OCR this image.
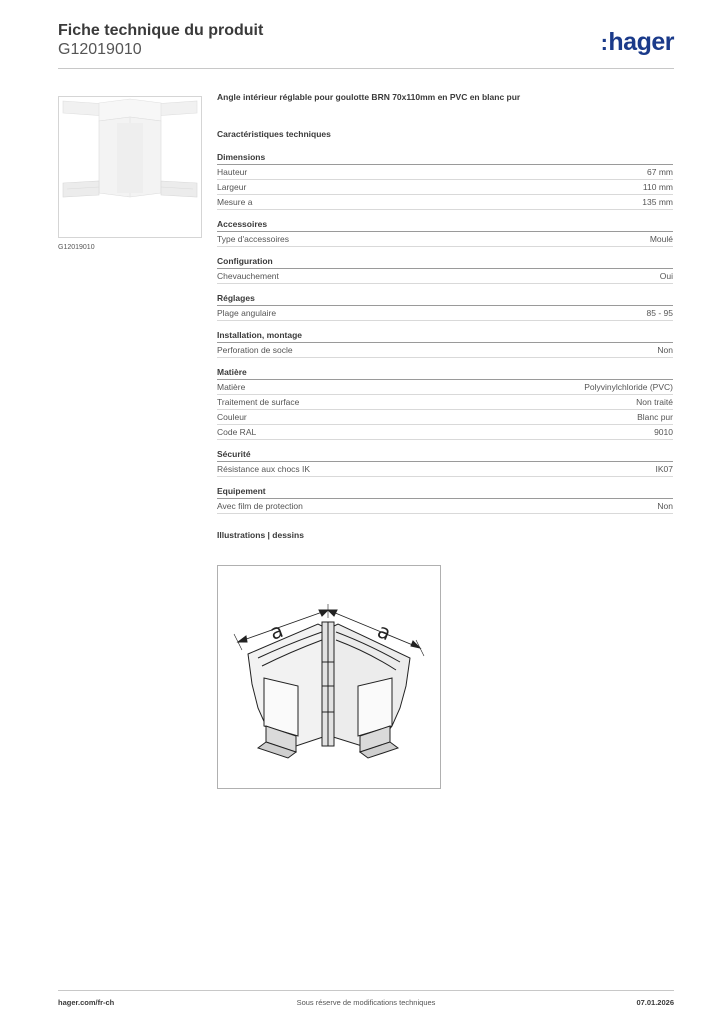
Fiche technique du produit
G12019010	:hager
G12019010
Angle intérieur réglable pour goulotte BRN 70x110mm en PVC en blanc pur
Caractéristiques techniques
Dimensions
Hauteur	67 mm
Largeur	110 mm
Mesure a	135 mm
Accessoires
Type d'accessoires	Moulé
Configuration
Chevauchement	Oui
Réglages
Plage angulaire	85 - 95
Installation, montage
Perforation de socle	Non
Matière
Matière	Polyvinylchloride (PVC)
Traitement de surface	Non traité
Couleur	Blanc pur
Code RAL	9010
Sécurité
Résistance aux chocs IK	IK07
Equipement
Avec film de protection	Non
Illustrations | dessins
a	a
Sous réserve de modifications techniques
hager.com/fr-ch	07.01.2026
